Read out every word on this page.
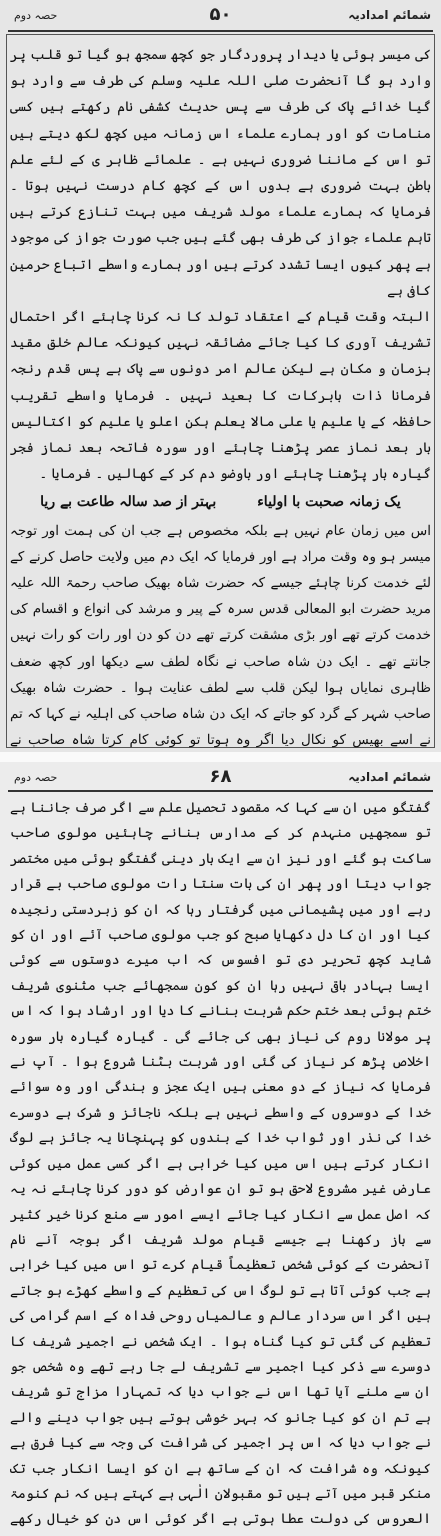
شمائم امدادیہ
۵۰
حصہ دوم

کی میسر ہوئی یا دیدار پروردگار جو کچھ سمجھ ہو گیا تو قلب پر وارد ہو گا آنحضرت صلی اللہ علیہ وسلم کی طرف سے وارد ہو گیا خدائے پاک کی طرف سے پس حدیث کشفی نام رکھتے ہیں کسی منامات کو اور ہمارے علماء اس زمانہ میں کچھ لکھ دیتے ہیں تو اس کے ماننا ضروری نہیں ہے ۔ علمائے ظاہر ی کے لئے علم باطن بہت ضروری ہے بدوں اس کے کچھ کام درست نہیں ہوتا ۔ فرمایا کہ ہمارے علماء مولد شریف میں بہت تنازع کرتے ہیں تاہم علماء جواز کی طرف بھی گئے ہیں جب صورت جواز کی موجود ہے پھر کیوں ایسا تشدد کرتے ہیں اور ہمارے واسطے اتباع حرمین کافی ہے

البتہ وقت قیام کے اعتقاد تولد کا نہ کرنا چاہئے اگر احتمال تشریف آوری کا کیا جائے مضائقہ نہیں کیونکہ عالم خلق مقید بزمان و مکان ہے لیکن عالم امر دونوں سے پاک ہے پس قدم رنجہ فرمانا ذات بابرکات کا بعید نہیں ۔ فرمایا واسطے تقریب حافظہ کے یا علیم یا علی مالا یعلم ہکن اعلو یا علیم کو اکتالیس بار بعد نماز عصر پڑھنا چاہئے اور سورہ فاتحہ بعد نماز فجر گیارہ بار پڑھنا چاہئے اور باوضو دم کر کے کھالیں ۔ فرمایا ۔

یک زمانہ صحبت با اولیاء بہتر از صد سالہ طاعت بے ریا

اس میں زمان عام نہیں ہے بلکہ مخصوص ہے جب ان کی ہمت اور توجہ میسر ہو وہ وقت مراد ہے اور فرمایا کہ ایک دم میں ولایت حاصل کرنے کے لئے خدمت کرنا چاہئے جیسے کہ حضرت شاہ بھیک صاحب رحمۃ اللہ علیہ مرید حضرت ابو المعالی قدس سرہ کے پیر و مرشد کی انواع و اقسام کی خدمت کرتے تھے اور بڑی مشقت کرتے تھے دن کو دن اور رات کو رات نہیں جانتے تھے ۔ ایک دن شاہ صاحب نے نگاہ لطف سے دیکھا اور کچھ ضعف ظاہری نمایاں ہوا لیکن قلب سے لطف عنایت ہوا ۔ حضرت شاہ بھیک صاحب شہر کے گرد کو جاتے کہ ایک دن شاہ صاحب کی اہلیہ نے کہا کہ تم نے اسے بھیس کو نکال دیا اگر وہ ہوتا تو کوئی کام کرتا شاہ صاحب نے

شمائم امدادیہ
۶۸
حصہ دوم

گفتگو میں ان سے کہا کہ مقصود تحصیل علم سے اگر صرف جاننا ہے تو سمجھیں منہدم کر کے مدارس بنانے چاہئیں مولوی صاحب ساکت ہو گئے اور نیز ان سے ایک بار دینی گفتگو ہوئی میں مختصر جواب دیتا اور پھر ان کی بات سنتا رات مولوی صاحب بے قرار رہے اور میں پشیمانی میں گرفتار رہا کہ ان کو زبردستی رنجیدہ کیا اور ان کا دل دکھایا صبح کو جب مولوی صاحب آئے اور ان کو شاید کچھ تحریر دی تو افسوس کہ اب میرے دوستوں سے کوئی ایسا بہادر باقی نہیں رہا ان کو کون سمجھائے جب مثنوی شریف ختم ہوئی بعد ختم حکم شربت بنانے کا دیا اور ارشاد ہوا کہ اس پر مولانا روم کی نیاز بھی کی جائے گی ۔ گیارہ گیارہ بار سورہ اخلاص پڑھ کر نیاز کی گئی اور شربت بٹنا شروع ہوا ۔ آپ نے فرمایا کہ نیاز کے دو معنی ہیں ایک عجز و بندگی اور وہ سوائے خدا کے دوسروں کے واسطے نہیں ہے بلکہ ناجائز و شرک ہے دوسرے خدا کی نذر اور ثواب خدا کے بندوں کو پہنچانا یہ جائز ہے لوگ انکار کرتے ہیں اس میں کیا خرابی ہے اگر کسی عمل میں کوئی عارض غیر مشروع لاحق ہو تو ان عوارض کو دور کرنا چاہئے نہ یہ کہ اصل عمل سے انکار کیا جائے ایسے امور سے منع کرنا خیر کثیر سے باز رکھنا ہے جیسے قیام مولد شریف اگر بوجہ آنے نام آنحضرت کے کوئی شخص تعظیماً قیام کرے تو اس میں کیا خرابی ہے جب کوئی آتا ہے تو لوگ اس کی تعظیم کے واسطے کھڑے ہو جاتے ہیں اگر اس سردار عالم و عالمیاں روحی فداہ کے اسم گرامی کی تعظیم کی گئی تو کیا گناہ ہوا ۔ ایک شخص نے اجمیر شریف کا دوسرے سے ذکر کیا اجمیر سے تشریف لے جا رہے تھے وہ شخص جو ان سے ملنے آیا تھا اس نے جواب دیا کہ تمہارا مزاج تو شریف ہے تم ان کو کیا جانو کہ بہر خوشی ہوتے ہیں جواب دینے والے نے جواب دیا کہ اس پر اجمیر کی شرافت کی وجہ سے کیا فرق ہے کیونکہ وہ شرافت کہ ان کے ساتھ ہے ان کو ایسا انکار جب تک منکر قبر میں آتے ہیں تو مقبولان الٰہی ہے کہتے ہیں کہ نم کنومۃ العروس کی دولت عطا ہوتی ہے اگر کوئی اس دن کو خیال رکھے
